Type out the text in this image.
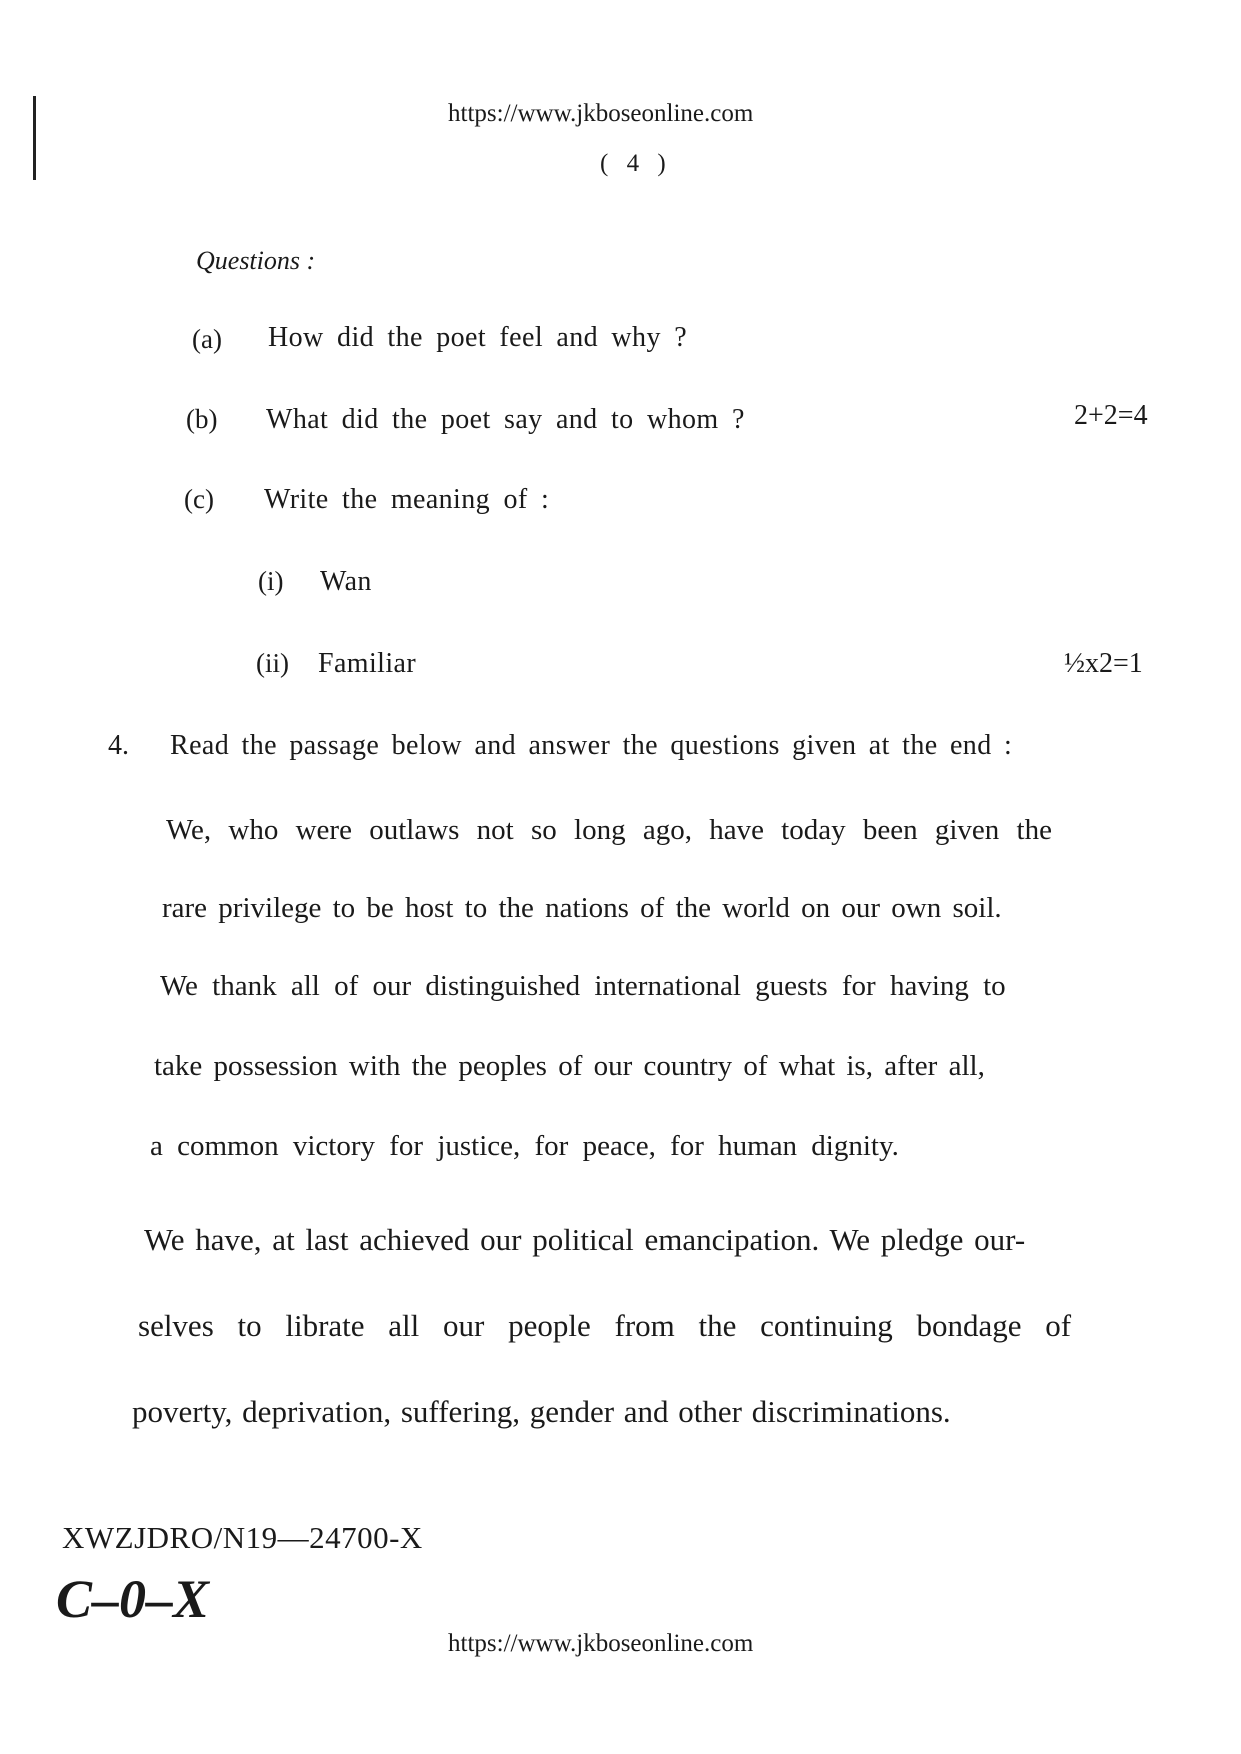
https://www.jkboseonline.com
( 4 )
Questions :
(a) How did the poet feel and why ?
(b) What did the poet say and to whom ?	2+2=4
(c) Write the meaning of :
(i) Wan
(ii) Familiar	½x2=1
4. Read the passage below and answer the questions given at the end :
We, who were outlaws not so long ago, have today been given the
rare privilege to be host to the nations of the world on our own soil.
We thank all of our distinguished international guests for having to
take possession with the peoples of our country of what is, after all,
a common victory for justice, for peace, for human dignity.
We have, at last achieved our political emancipation. We pledge our-
selves to librate all our people from the continuing bondage of
poverty, deprivation, suffering, gender and other discriminations.
XWZJDRO/N19—24700-X
C–0–X
https://www.jkboseonline.com
